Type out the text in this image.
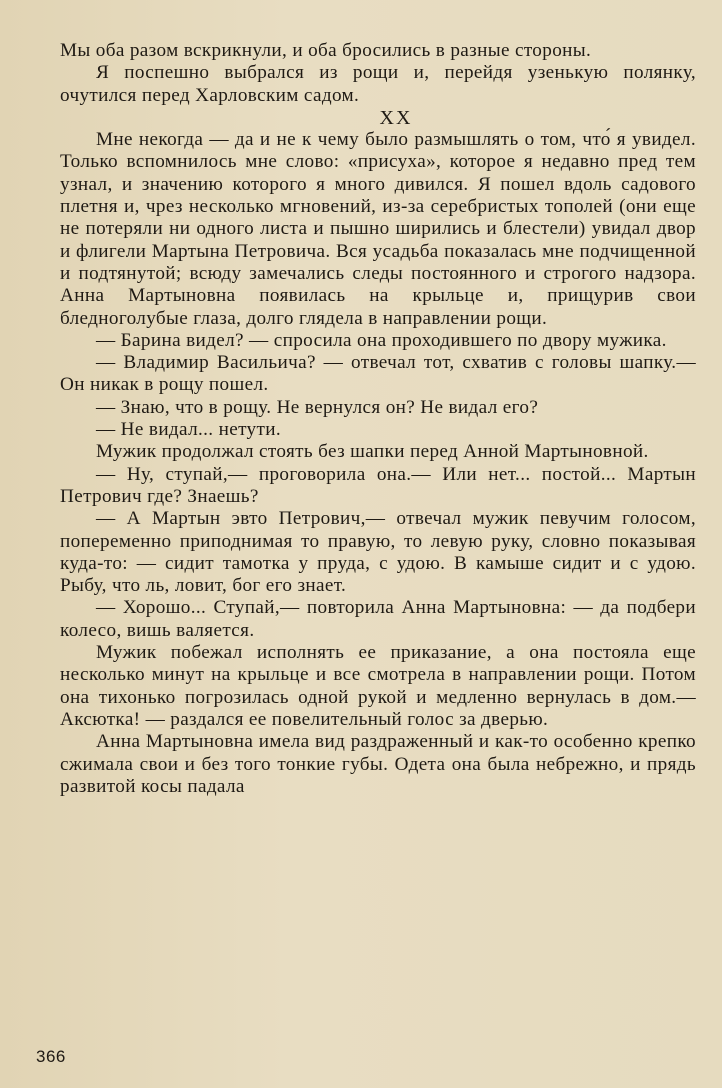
Мы оба разом вскрикнули, и оба бросились в разные стороны.

Я поспешно выбрался из рощи и, перейдя узенькую полянку, очутился перед Харловским садом.

XX

Мне некогда — да и не к чему было размышлять о том, что́ я увидел. Только вспомнилось мне слово: «присуха», которое я недавно пред тем узнал, и значению которого я много дивился. Я пошел вдоль садового плетня и, чрез несколько мгновений, из-за серебристых тополей (они еще не потеряли ни одного листа и пышно ширились и блестели) увидал двор и флигели Мартына Петровича. Вся усадьба показалась мне подчищенной и подтянутой; всюду замечались следы постоянного и строгого надзора. Анна Мартыновна появилась на крыльце и, прищурив свои бледноголубые глаза, долго глядела в направлении рощи.

— Барина видел? — спросила она проходившего по двору мужика.

— Владимир Васильича? — отвечал тот, схватив с головы шапку.— Он никак в рощу пошел.

— Знаю, что в рощу. Не вернулся он? Не видал его?

— Не видал... нетути.

Мужик продолжал стоять без шапки перед Анной Мартыновной.

— Ну, ступай,— проговорила она.— Или нет... постой... Мартын Петрович где? Знаешь?

— А Мартын эвто Петрович,— отвечал мужик певучим голосом, попеременно приподнимая то правую, то левую руку, словно показывая куда-то: — сидит тамотка у пруда, с удою. В камыше сидит и с удою. Рыбу, что ль, ловит, бог его знает.

— Хорошо... Ступай,— повторила Анна Мартыновна: — да подбери колесо, вишь валяется.

Мужик побежал исполнять ее приказание, а она постояла еще несколько минут на крыльце и все смотрела в направлении рощи. Потом она тихонько погрозилась одной рукой и медленно вернулась в дом.— Аксютка! — раздался ее повелительный голос за дверью.

Анна Мартыновна имела вид раздраженный и как-то особенно крепко сжимала свои и без того тонкие губы. Одета она была небрежно, и прядь развитой косы падала

366
